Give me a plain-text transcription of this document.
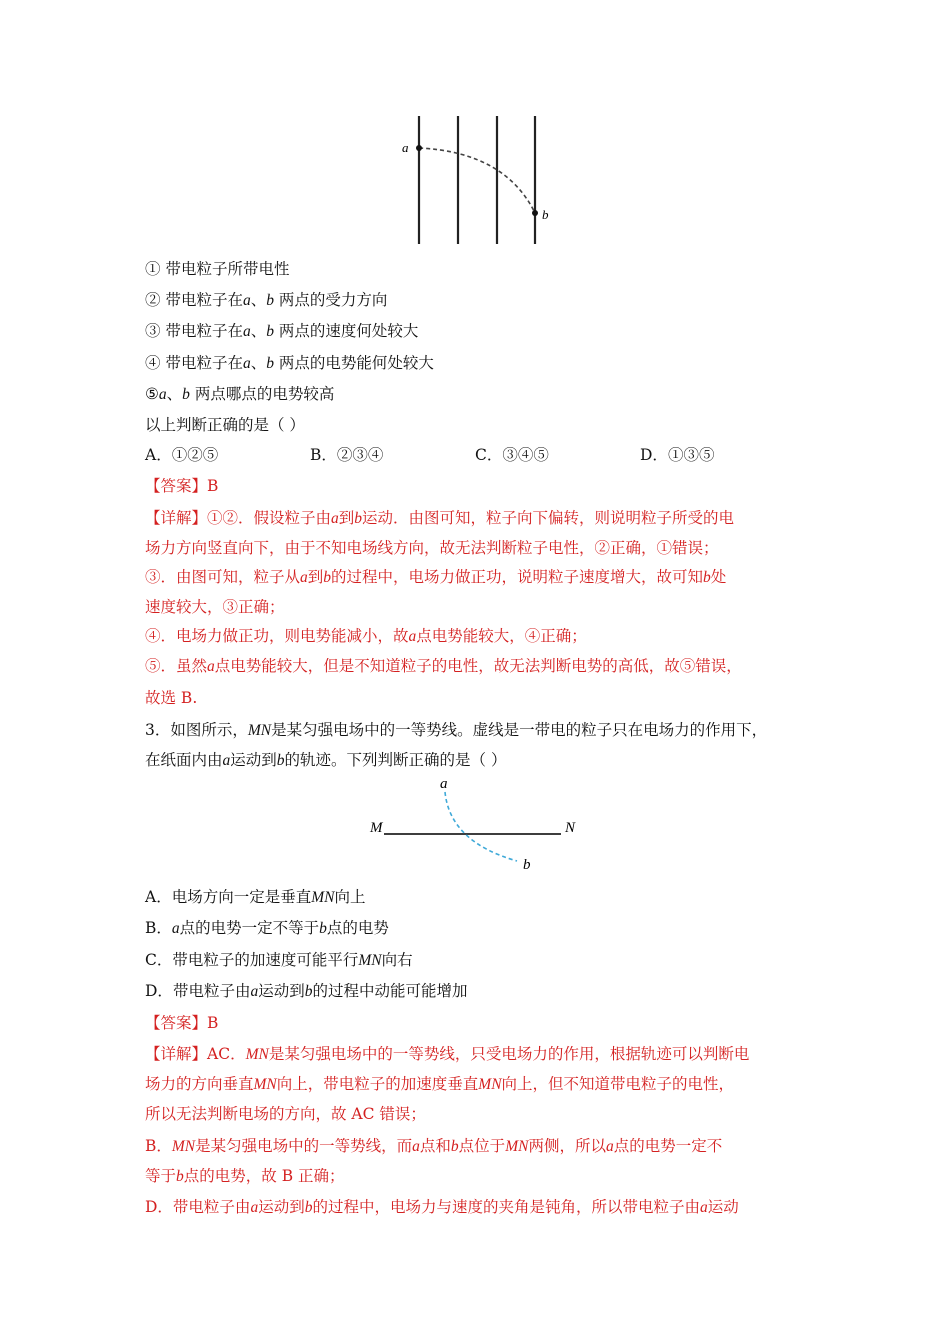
a
b
① 带电粒子所带电性
② 带电粒子在a、b 两点的受力方向
③ 带电粒子在a、b 两点的速度何处较大
④ 带电粒子在a、b 两点的电势能何处较大
⑤a、b 两点哪点的电势较高
以上判断正确的是（ ）
A．①②⑤	B．②③④	C．③④⑤	D．①③⑤
【答案】B
【详解】①②．假设粒子由a到b运动．由图可知，粒子向下偏转，则说明粒子所受的电
场力方向竖直向下，由于不知电场线方向，故无法判断粒子电性，②正确，①错误；
③．由图可知，粒子从a到b的过程中，电场力做正功，说明粒子速度增大，故可知b处
速度较大，③正确；
④．电场力做正功，则电势能减小，故a点电势能较大，④正确；
⑤．虽然a点电势能较大，但是不知道粒子的电性，故无法判断电势的高低，故⑤错误，
故选 B.
3．如图所示，MN是某匀强电场中的一等势线。虚线是一带电的粒子只在电场力的作用下，
在纸面内由a运动到b的轨迹。下列判断正确的是（ ）
a
b
M	N
A．电场方向一定是垂直MN向上
B．a点的电势一定不等于b点的电势
C．带电粒子的加速度可能平行MN向右
D．带电粒子由a运动到b的过程中动能可能增加
【答案】B
【详解】AC．MN是某匀强电场中的一等势线，只受电场力的作用，根据轨迹可以判断电
场力的方向垂直MN向上，带电粒子的加速度垂直MN向上，但不知道带电粒子的电性，
所以无法判断电场的方向，故 AC 错误；
B．MN是某匀强电场中的一等势线，而a点和b点位于MN两侧，所以a点的电势一定不
等于b点的电势，故 B 正确；
D．带电粒子由a运动到b的过程中，电场力与速度的夹角是钝角，所以带电粒子由a运动
